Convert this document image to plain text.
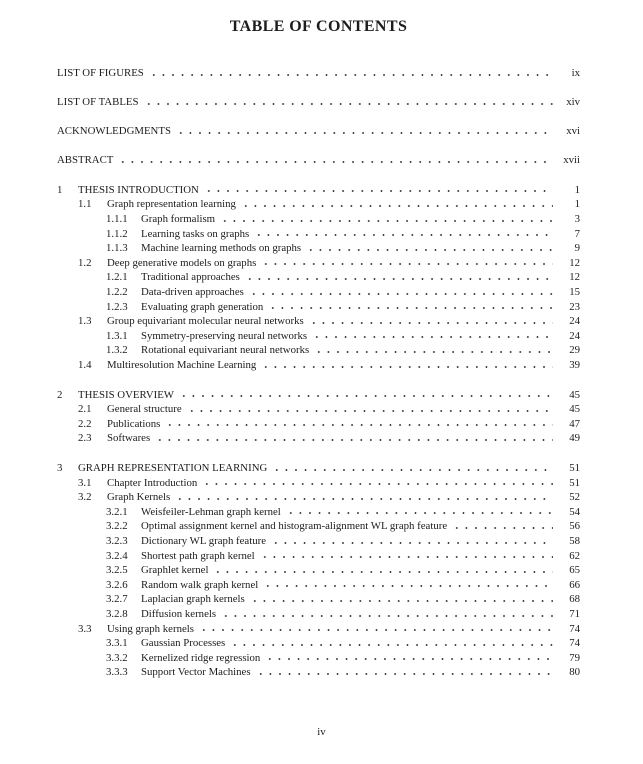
TABLE OF CONTENTS
LIST OF FIGURES	ix
LIST OF TABLES	xiv
ACKNOWLEDGMENTS	xvi
ABSTRACT	xvii
1	THESIS INTRODUCTION	1
1.1	Graph representation learning	1
1.1.1	Graph formalism	3
1.1.2	Learning tasks on graphs	7
1.1.3	Machine learning methods on graphs	9
1.2	Deep generative models on graphs	12
1.2.1	Traditional approaches	12
1.2.2	Data-driven approaches	15
1.2.3	Evaluating graph generation	23
1.3	Group equivariant molecular neural networks	24
1.3.1	Symmetry-preserving neural networks	24
1.3.2	Rotational equivariant neural networks	29
1.4	Multiresolution Machine Learning	39
2	THESIS OVERVIEW	45
2.1	General structure	45
2.2	Publications	47
2.3	Softwares	49
3	GRAPH REPRESENTATION LEARNING	51
3.1	Chapter Introduction	51
3.2	Graph Kernels	52
3.2.1	Weisfeiler-Lehman graph kernel	54
3.2.2	Optimal assignment kernel and histogram-alignment WL graph feature	56
3.2.3	Dictionary WL graph feature	58
3.2.4	Shortest path graph kernel	62
3.2.5	Graphlet kernel	65
3.2.6	Random walk graph kernel	66
3.2.7	Laplacian graph kernels	68
3.2.8	Diffusion kernels	71
3.3	Using graph kernels	74
3.3.1	Gaussian Processes	74
3.3.2	Kernelized ridge regression	79
3.3.3	Support Vector Machines	80
iv
